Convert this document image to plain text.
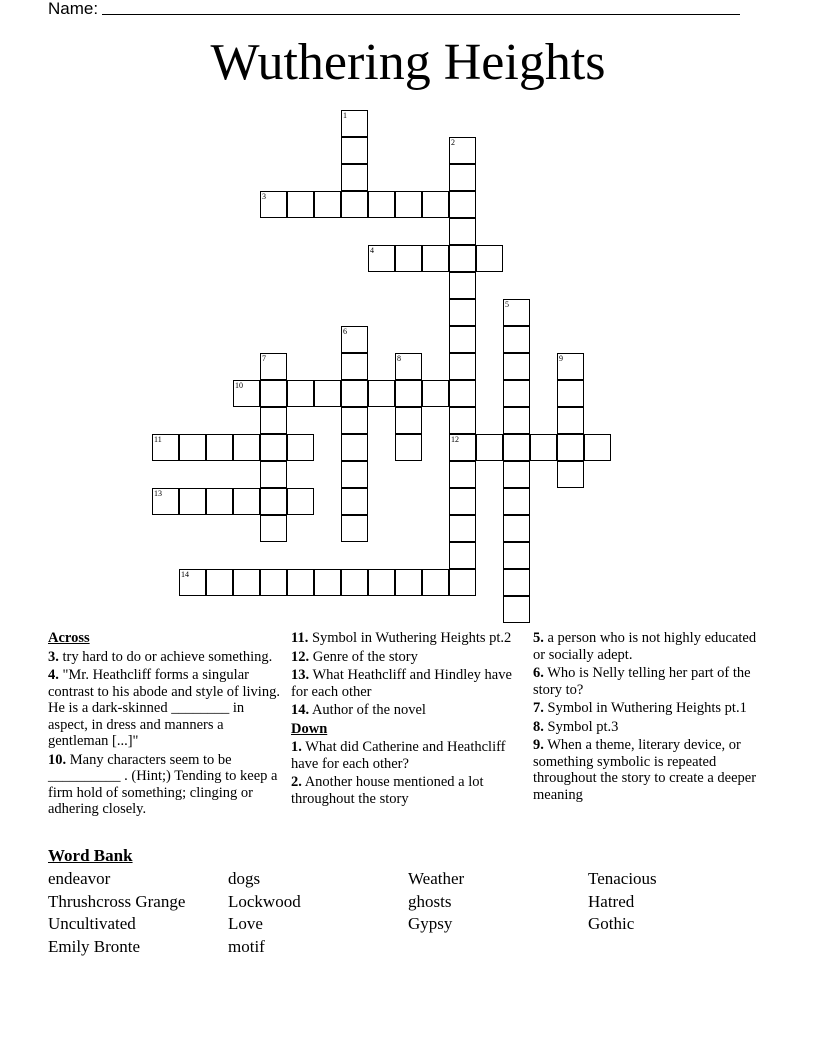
Name:
Wuthering Heights
1
2
12
3
4
5
6
7	8	9
10
11
13
14
Across
3. try hard to do or achieve something.
4. "Mr. Heathcliff forms a singular contrast to his abode and style of living. He is a dark-skinned ________ in aspect, in dress and manners a gentleman [...]"
10. Many characters seem to be __________ . (Hint;) Tending to keep a firm hold of something; clinging or adhering closely.
11. Symbol in Wuthering Heights pt.2
12. Genre of the story
13. What Heathcliff and Hindley have for each other
14. Author of the novel
Down
1. What did Catherine and Heathcliff have for each other?
2. Another house mentioned a lot throughout the story
5. a person who is not highly educated or socially adept.
6. Who is Nelly telling her part of the story to?
7. Symbol in Wuthering Heights pt.1
8. Symbol pt.3
9. When a theme, literary device, or something symbolic is repeated throughout the story to create a deeper meaning
Word Bank
endeavor	dogs	Weather	Tenacious
Thrushcross Grange	Lockwood	ghosts	Hatred
Uncultivated	Love	Gypsy	Gothic
Emily Bronte	motif
